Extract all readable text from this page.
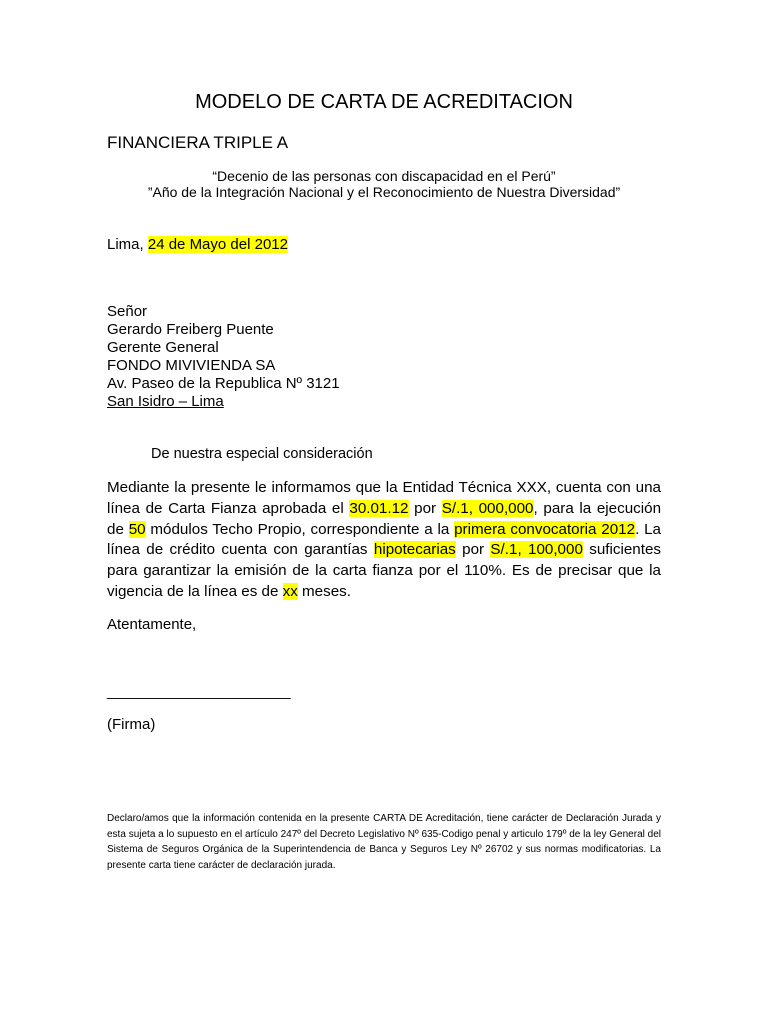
MODELO DE CARTA DE ACREDITACION
FINANCIERA TRIPLE A
“Decenio de las personas con discapacidad en el Perú”
”Año de la Integración Nacional y el Reconocimiento de Nuestra Diversidad”
Lima, 24 de Mayo del 2012
Señor
Gerardo Freiberg Puente
Gerente General
FONDO MIVIVIENDA SA
Av. Paseo de la Republica Nº 3121
San Isidro – Lima
De nuestra especial consideración
Mediante la presente le informamos que la Entidad Técnica XXX, cuenta con una línea de Carta Fianza aprobada el 30.01.12 por S/.1, 000,000, para la ejecución de 50 módulos Techo Propio, correspondiente a la primera convocatoria 2012. La línea de crédito cuenta con garantías hipotecarias por S/.1, 100,000 suficientes para garantizar la emisión de la carta fianza por el 110%. Es de precisar que la vigencia de la línea es de xx meses.
Atentamente,
______________________
(Firma)
Declaro/amos que la información contenida en la presente CARTA DE Acreditación, tiene carácter de Declaración Jurada y esta sujeta a lo supuesto en el artículo 247º del Decreto Legislativo Nº 635-Codigo penal y articulo 179º de la ley General del Sistema de Seguros Orgánica de la Superintendencia de Banca y Seguros Ley Nº 26702 y sus normas modificatorias. La presente carta tiene carácter de declaración jurada.
